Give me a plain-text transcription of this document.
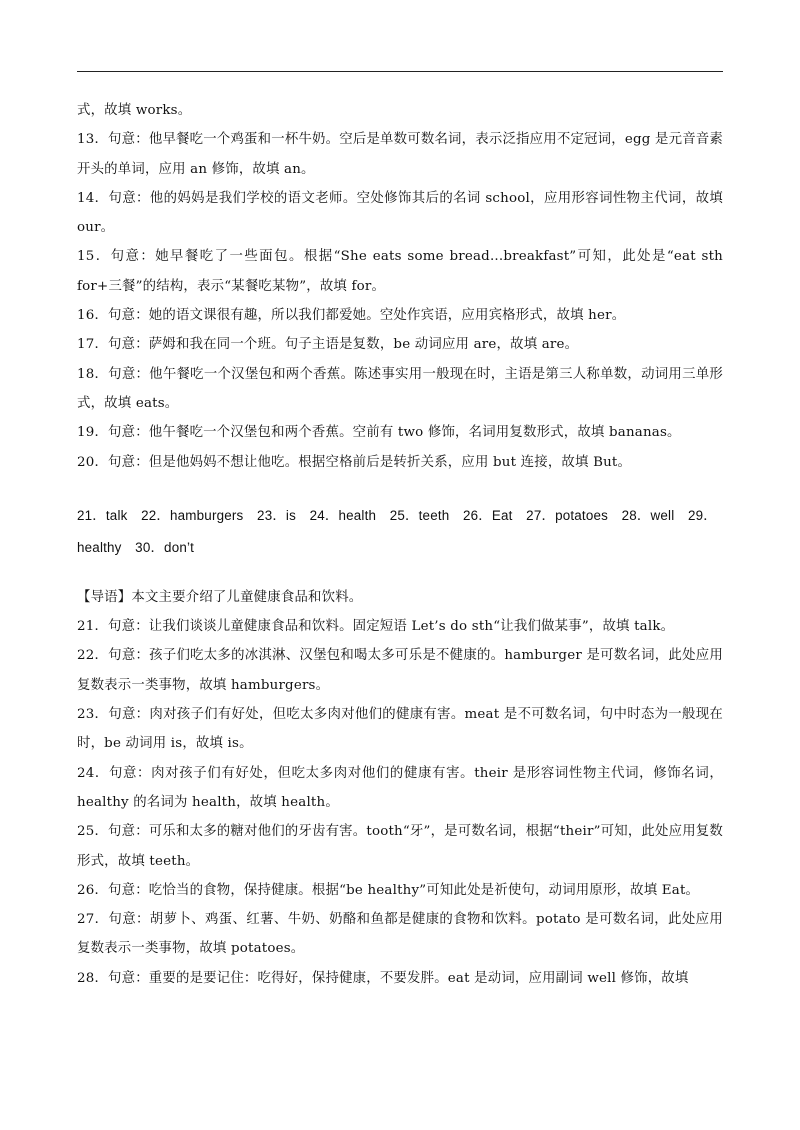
式，故填 works。

13．句意：他早餐吃一个鸡蛋和一杯牛奶。空后是单数可数名词，表示泛指应用不定冠词，egg 是元音音素开头的单词，应用 an 修饰，故填 an。

14．句意：他的妈妈是我们学校的语文老师。空处修饰其后的名词 school，应用形容词性物主代词，故填 our。

15．句意：她早餐吃了一些面包。根据“She eats some bread...breakfast”可知，此处是“eat sth for+三餐”的结构，表示“某餐吃某物”，故填 for。

16．句意：她的语文课很有趣，所以我们都爱她。空处作宾语，应用宾格形式，故填 her。

17．句意：萨姆和我在同一个班。句子主语是复数，be 动词应用 are，故填 are。

18．句意：他午餐吃一个汉堡包和两个香蕉。陈述事实用一般现在时，主语是第三人称单数，动词用三单形式，故填 eats。

19．句意：他午餐吃一个汉堡包和两个香蕉。空前有 two 修饰，名词用复数形式，故填 bananas。

20．句意：但是他妈妈不想让他吃。根据空格前后是转折关系，应用 but 连接，故填 But。

21．talk　22．hamburgers　23．is　24．health　25．teeth　26．Eat　27．potatoes　28．well　29．healthy　30．don’t

【导语】本文主要介绍了儿童健康食品和饮料。

21．句意：让我们谈谈儿童健康食品和饮料。固定短语 Let’s do sth“让我们做某事”，故填 talk。

22．句意：孩子们吃太多的冰淇淋、汉堡包和喝太多可乐是不健康的。hamburger 是可数名词，此处应用复数表示一类事物，故填 hamburgers。

23．句意：肉对孩子们有好处，但吃太多肉对他们的健康有害。meat 是不可数名词，句中时态为一般现在时，be 动词用 is，故填 is。

24．句意：肉对孩子们有好处，但吃太多肉对他们的健康有害。their 是形容词性物主代词，修饰名词，healthy 的名词为 health，故填 health。

25．句意：可乐和太多的糖对他们的牙齿有害。tooth“牙”，是可数名词，根据“their”可知，此处应用复数形式，故填 teeth。

26．句意：吃恰当的食物，保持健康。根据“be healthy”可知此处是祈使句，动词用原形，故填 Eat。

27．句意：胡萝卜、鸡蛋、红薯、牛奶、奶酪和鱼都是健康的食物和饮料。potato 是可数名词，此处应用复数表示一类事物，故填 potatoes。

28．句意：重要的是要记住：吃得好，保持健康，不要发胖。eat 是动词，应用副词 well 修饰，故填
